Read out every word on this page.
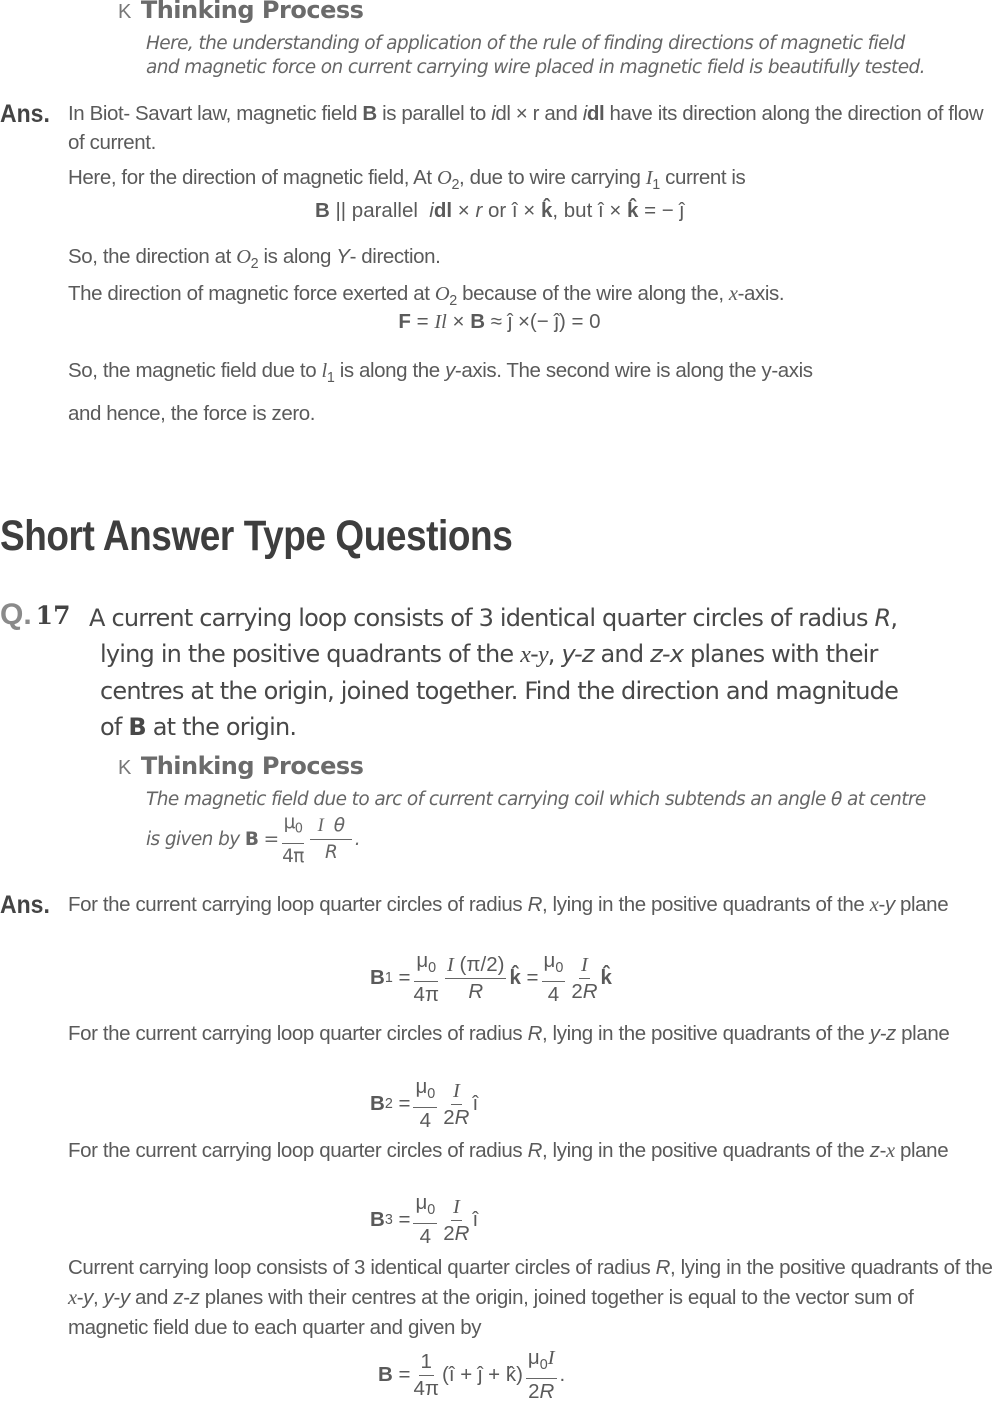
K Thinking Process
Here, the understanding of application of the rule of finding directions of magnetic field
and magnetic force on current carrying wire placed in magnetic field is beautifully tested.
Ans. In Biot- Savart law, magnetic field B is parallel to idl × r and idl have its direction along the direction of flow of current.
Here, for the direction of magnetic field, At $O_2$, due to wire carrying $I_1$ current is
B || parallel  idl × r or î × k̂, but î × k̂ = − ĵ
So, the direction at $O_2$ is along Y- direction.
The direction of magnetic force exerted at $O_2$ because of the wire along the, x-axis.
F = Il × B ≈ ĵ ×(− ĵ) = 0
So, the magnetic field due to $l_1$ is along the y-axis. The second wire is along the y-axis
and hence, the force is zero.
Short Answer Type Questions
Q. 17 A current carrying loop consists of 3 identical quarter circles of radius R,
lying in the positive quadrants of the x-y, y-z and z-x planes with their
centres at the origin, joined together. Find the direction and magnitude
of B at the origin.
K Thinking Process
The magnetic field due to arc of current carrying coil which subtends an angle θ at centre
is given by
$B = \frac{\mu_0}{4\pi} \frac{\text{I  θ}}{R}$ .
Ans. For the current carrying loop quarter circles of radius R, lying in the positive quadrants of the x-y plane
B $1 = \frac{\mu_0}{4\pi} \frac{I (\pi/2)}{R}$ k̂ = $\frac{\mu_0}{4} \frac{I}{2R}$ k̂
For the current carrying loop quarter circles of radius R, lying in the positive quadrants of the y-z plane
B $2 = \frac{\mu_0}{4} \frac{I}{2R}$ î
For the current carrying loop quarter circles of radius R, lying in the positive quadrants of the z-x plane
B $3 = \frac{\mu_0}{4} \frac{I}{2R}$ î
Current carrying loop consists of 3 identical quarter circles of radius R, lying in the positive quadrants of the x-y, y-y and z-z planes with their centres at the origin, joined together is equal to the vector sum of magnetic field due to each quarter and given by
$B = \frac{1}{4\pi}$ (î + ĵ + k̂) $\frac{\mu_0I}{2R}$ .
